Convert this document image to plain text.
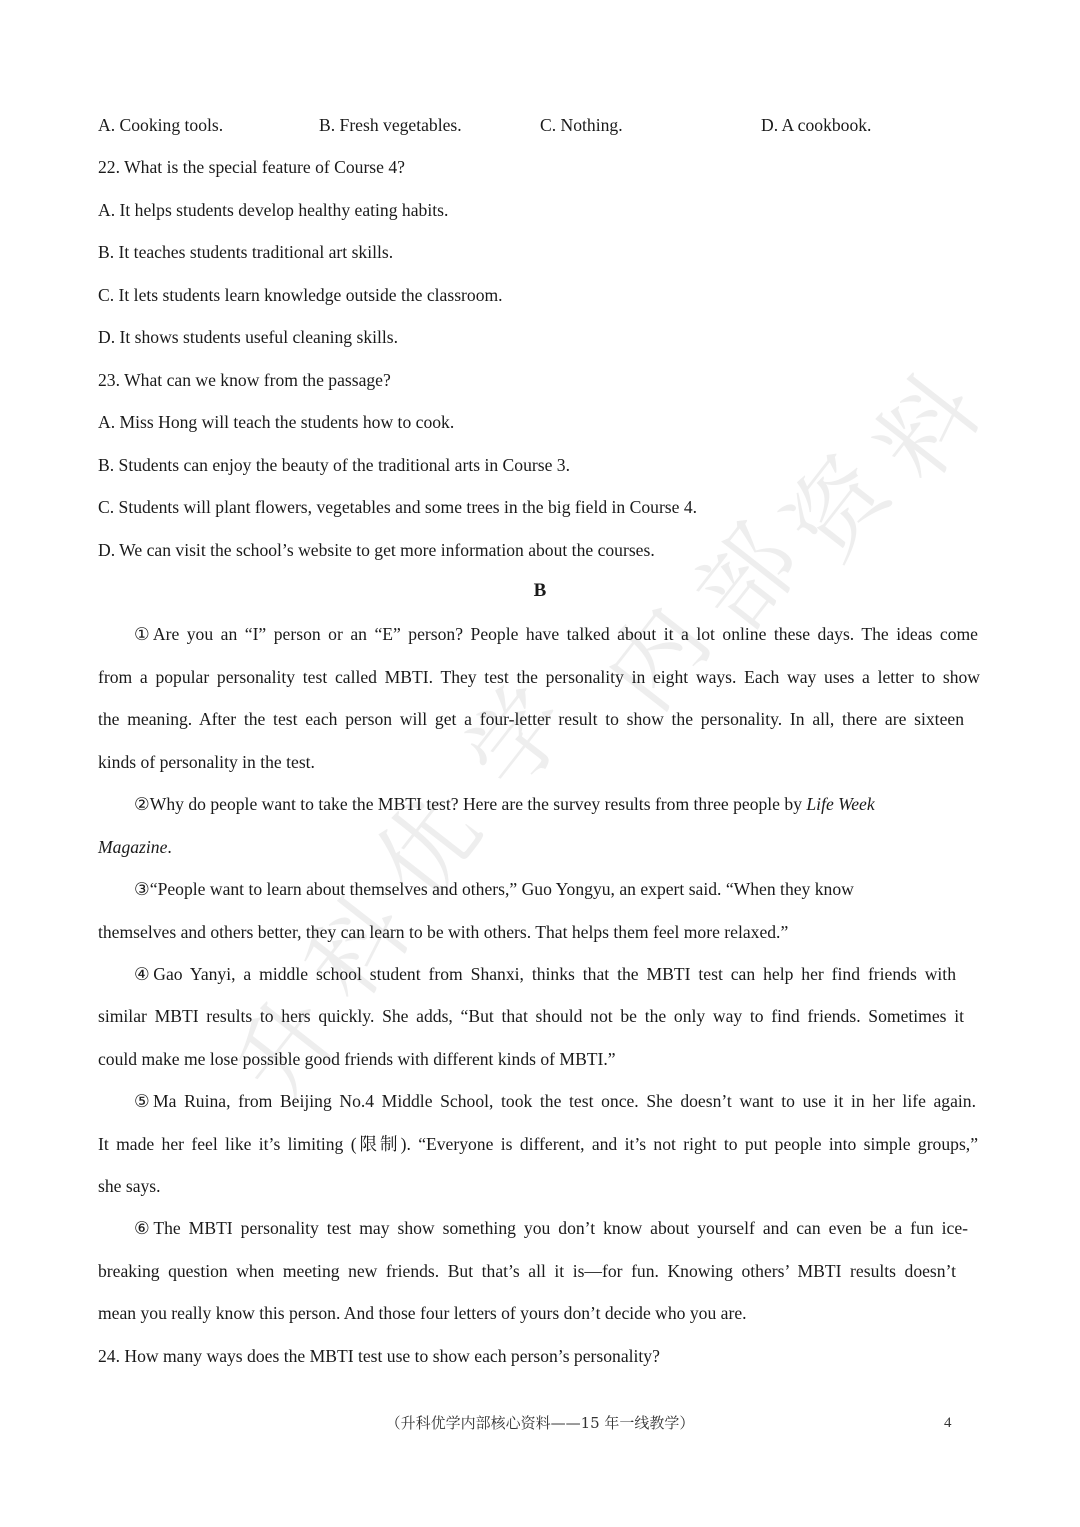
升
科
优
学
内
部
资
料
A. Cooking tools.	B. Fresh vegetables.	C. Nothing.	D. A cookbook.
22. What is the special feature of Course 4?
A. It helps students develop healthy eating habits.
B. It teaches students traditional art skills.
C. It lets students learn knowledge outside the classroom.
D. It shows students useful cleaning skills.
23. What can we know from the passage?
A. Miss Hong will teach the students how to cook.
B. Students can enjoy the beauty of the traditional arts in Course 3.
C. Students will plant flowers, vegetables and some trees in the big field in Course 4.
D. We can visit the school’s website to get more information about the courses.
B
①Are you an “I” person or an “E” person? People have talked about it a lot online these days. The ideas come
from a popular personality test called MBTI. They test the personality in eight ways. Each way uses a letter to show
the meaning. After the test each person will get a four-letter result to show the personality. In all, there are sixteen
kinds of personality in the test.
②Why do people want to take the MBTI test? Here are the survey results from three people by Life Week
Magazine.
③“People want to learn about themselves and others,” Guo Yongyu, an expert said. “When they know
themselves and others better, they can learn to be with others. That helps them feel more relaxed.”
④Gao Yanyi, a middle school student from Shanxi, thinks that the MBTI test can help her find friends with
similar MBTI results to hers quickly. She adds, “But that should not be the only way to find friends. Sometimes it
could make me lose possible good friends with different kinds of MBTI.”
⑤Ma Ruina, from Beijing No.4 Middle School, took the test once. She doesn’t want to use it in her life again.
It made her feel like it’s limiting (限制). “Everyone is different, and it’s not right to put people into simple groups,”
she says.
⑥The MBTI personality test may show something you don’t know about yourself and can even be a fun ice-
breaking question when meeting new friends. But that’s all it is—for fun. Knowing others’ MBTI results doesn’t
mean you really know this person. And those four letters of yours don’t decide who you are.
24. How many ways does the MBTI test use to show each person’s personality?
（升科优学内部核心资料——15 年一线教学）	4
